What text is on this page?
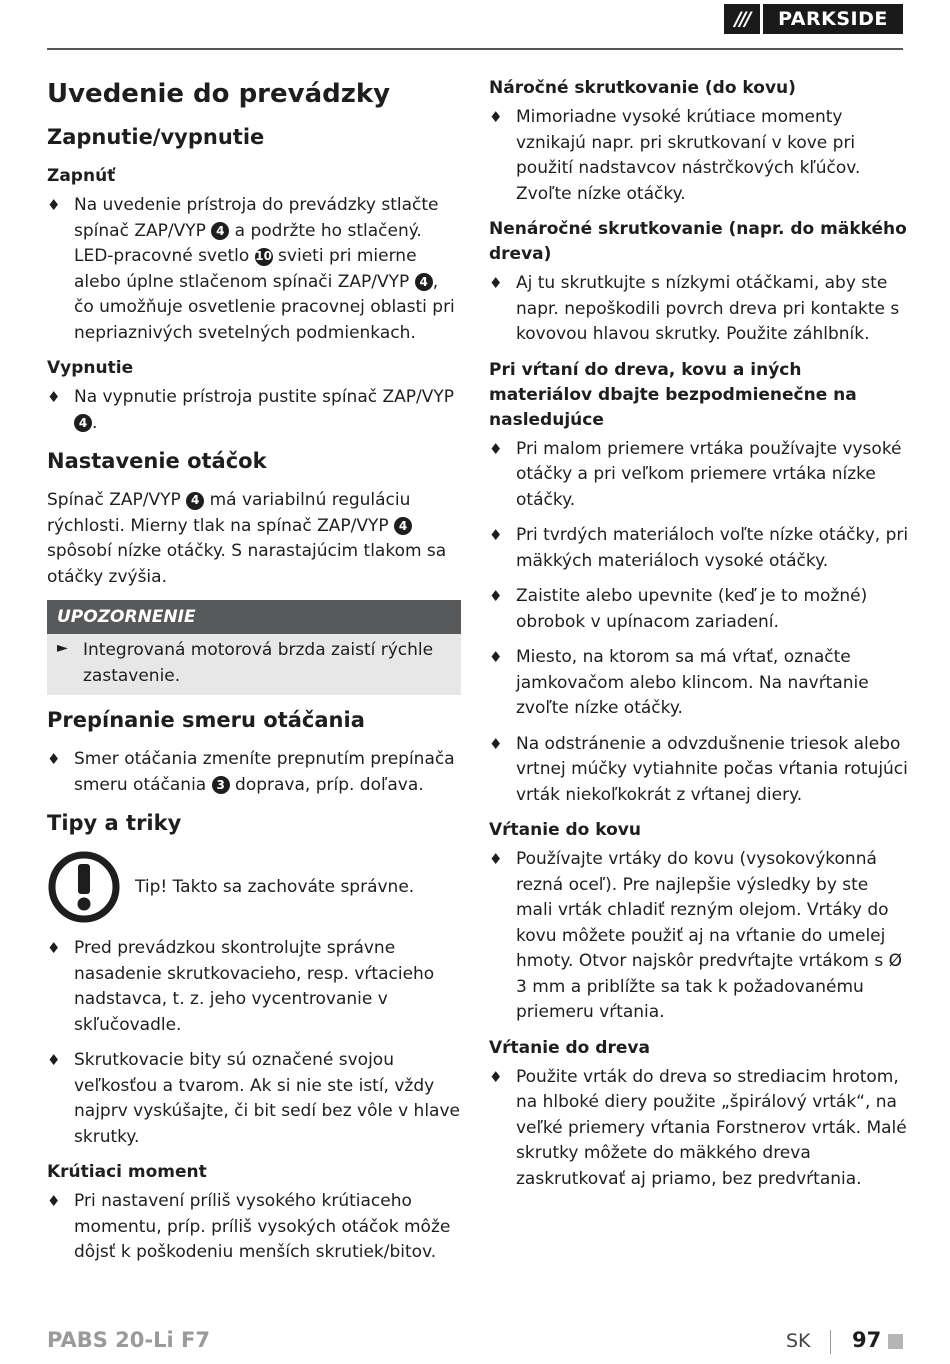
///	PARKSIDE
Uvedenie do prevádzky
Zapnutie/vypnutie
Zapnúť
♦ Na uvedenie prístroja do prevádzky stlačte spínač ZAP/VYP 4 a podržte ho stlačený. LED-pracovné svetlo 10 svieti pri mierne alebo úplne stlačenom spínači ZAP/VYP 4 , čo umožňuje osvetlenie pracovnej oblasti pri nepriaznivých svetelných podmienkach.
Vypnutie
♦ Na vypnutie prístroja pustite spínač ZAP/VYP 4 .
Nastavenie otáčok

Spínač ZAP/VYP 4 má variabilnú reguláciu rýchlosti. Mierny tlak na spínač ZAP/VYP 4 spôsobí nízke otáčky. S narastajúcim tlakom sa otáčky zvýšia.

UPOZORNENIE
► Integrovaná motorová brzda zaistí rýchle zastavenie.

Prepínanie smeru otáčania
♦ Smer otáčania zmeníte prepnutím prepínača smeru otáčania 3 doprava, príp. doľava.
Tipy a triky
Tip! Takto sa zachováte správne.
♦ Pred prevádzkou skontrolujte správne nasadenie skrutkovacieho, resp. vŕtacieho nadstavca, t. z. jeho vycentrovanie v skľučovadle.
♦ Skrutkovacie bity sú označené svojou veľkosťou a tvarom. Ak si nie ste istí, vždy najprv vyskúšajte, či bit sedí bez vôle v hlave skrutky.
Krútiaci moment
♦ Pri nastavení príliš vysokého krútiaceho momentu, príp. príliš vysokých otáčok môže dôjsť k poškodeniu menších skrutiek/bitov.
Náročné skrutkovanie (do kovu)
♦ Mimoriadne vysoké krútiace momenty vznikajú napr. pri skrutkovaní v kove pri použití nadstavcov nástrčkových kľúčov. Zvoľte nízke otáčky.
Nenáročné skrutkovanie (napr. do mäkkého dreva)
♦ Aj tu skrutkujte s nízkymi otáčkami, aby ste napr. nepoškodili povrch dreva pri kontakte s kovovou hlavou skrutky. Použite záhlbník.
Pri vŕtaní do dreva, kovu a iných materiálov dbajte bezpodmienečne na nasledujúce
♦ Pri malom priemere vrtáka používajte vysoké otáčky a pri veľkom priemere vrtáka nízke otáčky.
♦ Pri tvrdých materiáloch voľte nízke otáčky, pri mäkkých materiáloch vysoké otáčky.
♦ Zaistite alebo upevnite (keď je to možné) obrobok v upínacom zariadení.
♦ Miesto, na ktorom sa má vŕtať, označte jamkovačom alebo klincom. Na navŕtanie zvoľte nízke otáčky.
♦ Na odstránenie a odvzdušnenie triesok alebo vrtnej múčky vytiahnite počas vŕtania rotujúci vrták niekoľkokrát z vŕtanej diery.
Vŕtanie do kovu
♦ Používajte vrtáky do kovu (vysokovýkonná rezná oceľ). Pre najlepšie výsledky by ste mali vrták chladiť rezným olejom. Vrtáky do kovu môžete použiť aj na vŕtanie do umelej hmoty. Otvor najskôr predvŕtajte vrtákom s Ø 3 mm a priblížte sa tak k požadovanému priemeru vŕtania.
Vŕtanie do dreva
♦ Použite vrták do dreva so strediacim hrotom, na hlboké diery použite „špirálový vrták“, na veľké priemery vŕtania Forstnerov vrták. Malé skrutky môžete do mäkkého dreva zaskrutkovať aj priamo, bez predvŕtania.
PABS 20-Li F7	SK 97
